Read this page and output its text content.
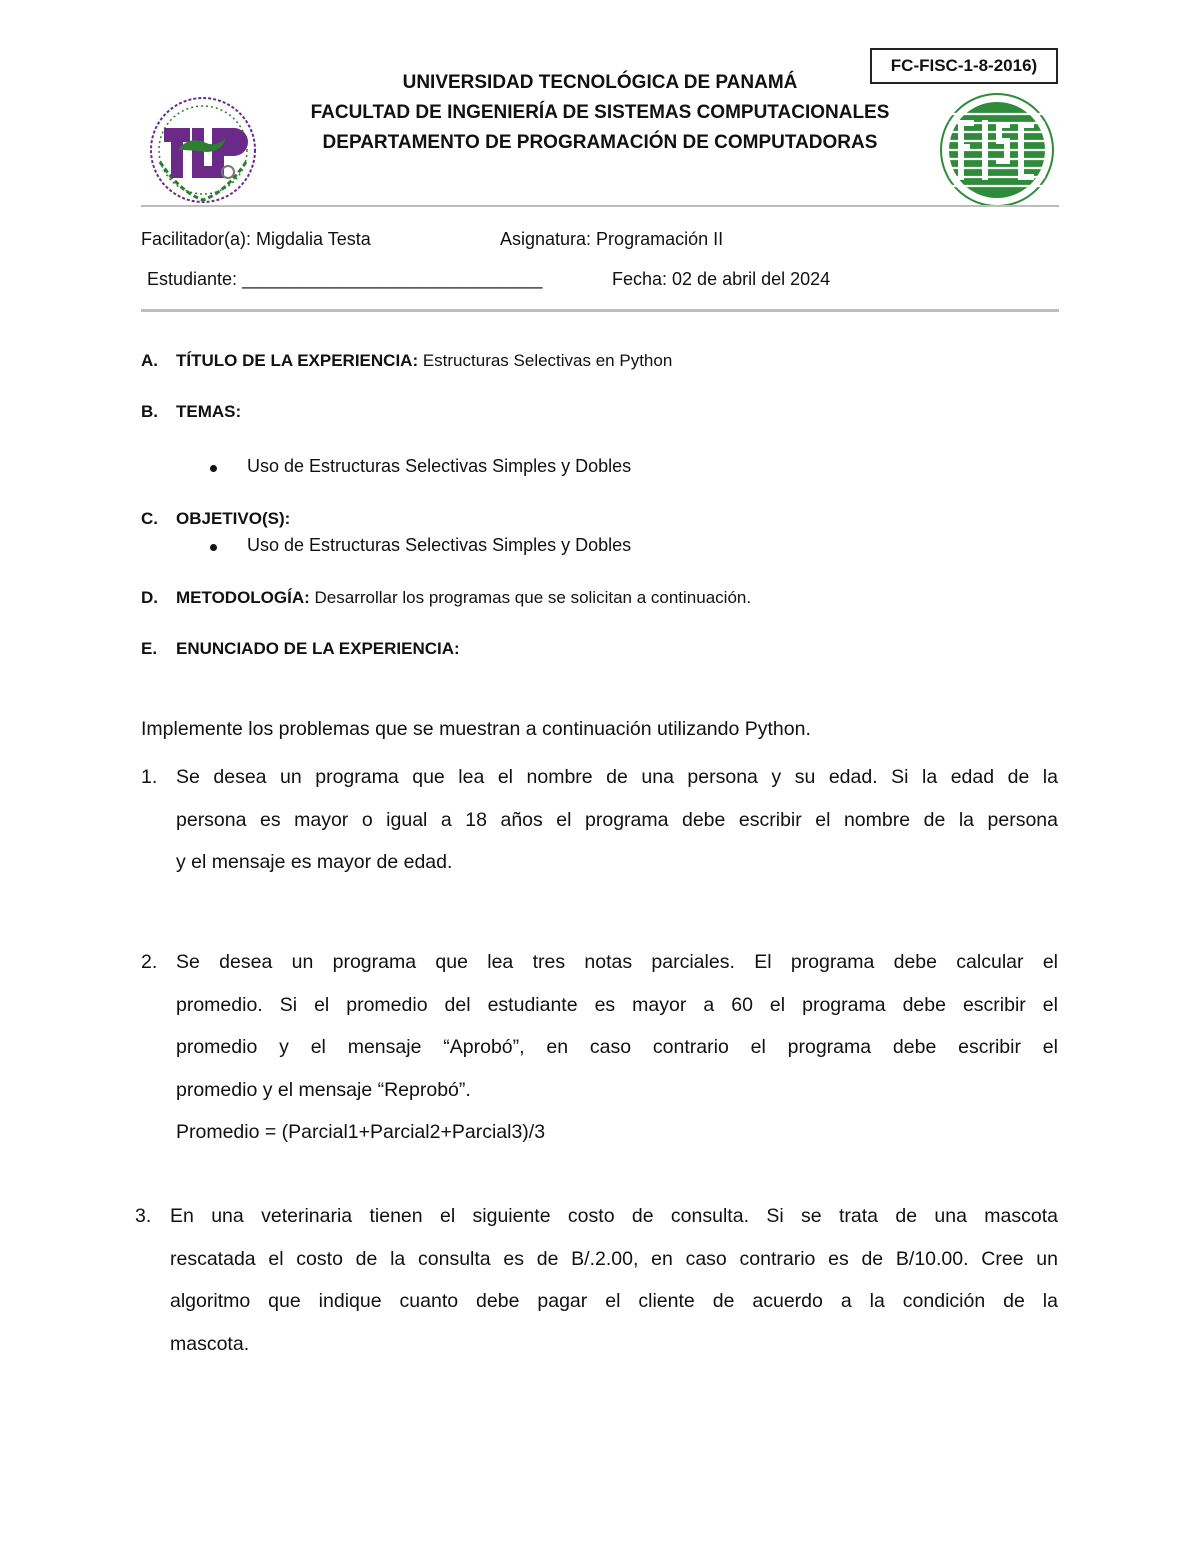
FC-FISC-1-8-2016)
UNIVERSIDAD TECNOLÓGICA DE PANAMÁ
FACULTAD DE INGENIERÍA DE SISTEMAS COMPUTACIONALES
DEPARTAMENTO DE PROGRAMACIÓN DE COMPUTADORAS
Facilitador(a): Migdalia Testa	Asignatura: Programación II
Estudiante: ______________________________	Fecha: 02 de abril del 2024
A. TÍTULO DE LA EXPERIENCIA: Estructuras Selectivas en Python
B. TEMAS:
Uso de Estructuras Selectivas Simples y Dobles
C. OBJETIVO(S):
Uso de Estructuras Selectivas Simples y Dobles
D. METODOLOGÍA: Desarrollar los programas que se solicitan a continuación.
E. ENUNCIADO DE LA EXPERIENCIA:
Implemente los problemas que se muestran a continuación utilizando Python.
1. Se desea un programa que lea el nombre de una persona y su edad. Si la edad de la
persona es mayor o igual a 18 años el programa debe escribir el nombre de la persona
y el mensaje es mayor de edad.
2. Se desea un programa que lea tres notas parciales. El programa debe calcular el
promedio. Si el promedio del estudiante es mayor a 60 el programa debe escribir el
promedio y el mensaje “Aprobó”, en caso contrario el programa debe escribir el
promedio y el mensaje “Reprobó”.
Promedio = (Parcial1+Parcial2+Parcial3)/3
3. En una veterinaria tienen el siguiente costo de consulta. Si se trata de una mascota
rescatada el costo de la consulta es de B/.2.00, en caso contrario es de B/10.00. Cree un
algoritmo que indique cuanto debe pagar el cliente de acuerdo a la condición de la
mascota.
